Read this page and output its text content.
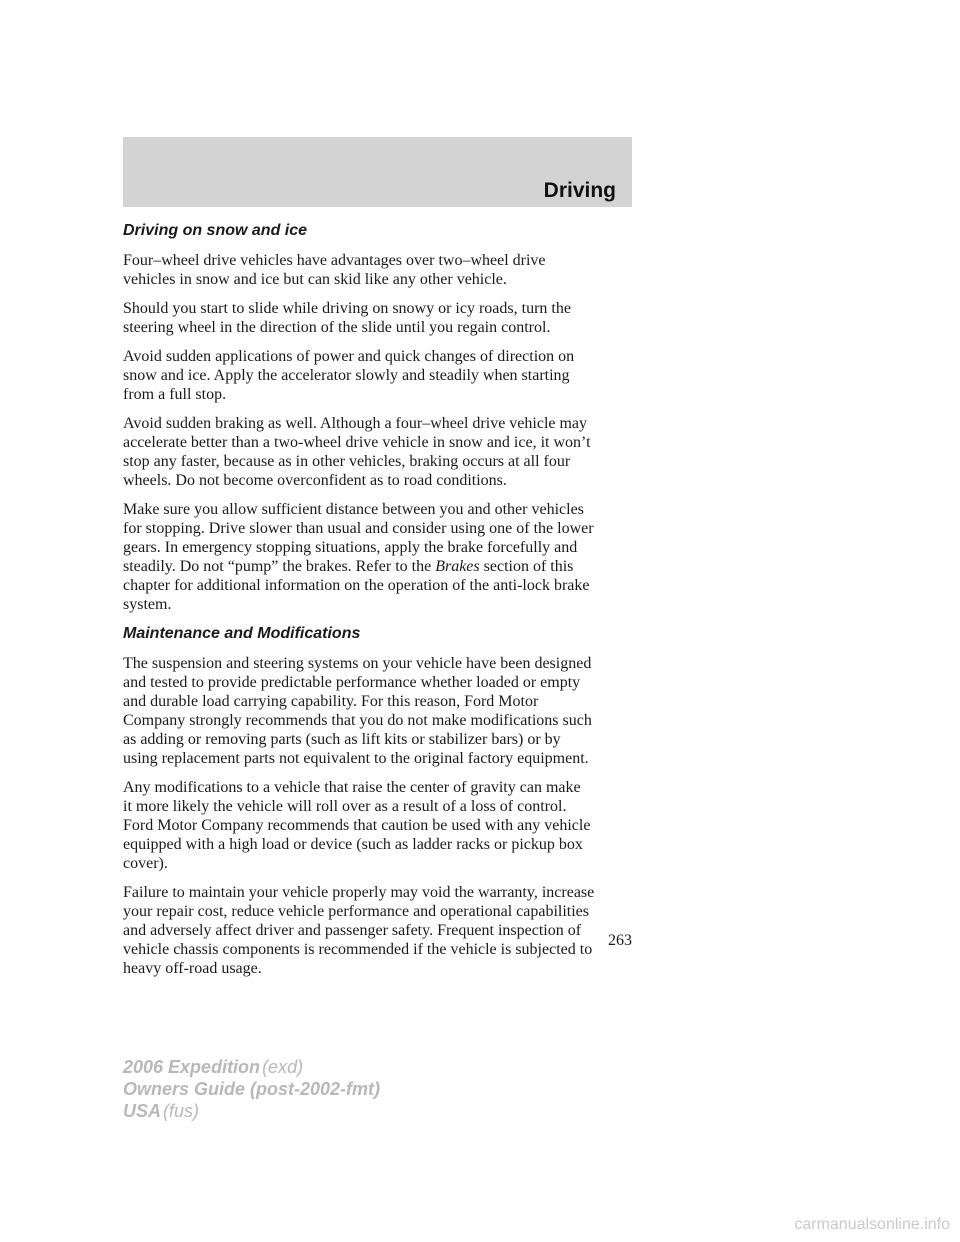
Driving
Driving on snow and ice

Four–wheel drive vehicles have advantages over two–wheel drive
vehicles in snow and ice but can skid like any other vehicle.

Should you start to slide while driving on snowy or icy roads, turn the
steering wheel in the direction of the slide until you regain control.

Avoid sudden applications of power and quick changes of direction on
snow and ice. Apply the accelerator slowly and steadily when starting
from a full stop.

Avoid sudden braking as well. Although a four–wheel drive vehicle may
accelerate better than a two-wheel drive vehicle in snow and ice, it won’t
stop any faster, because as in other vehicles, braking occurs at all four
wheels. Do not become overconfident as to road conditions.

Make sure you allow sufficient distance between you and other vehicles
for stopping. Drive slower than usual and consider using one of the lower
gears. In emergency stopping situations, apply the brake forcefully and
steadily. Do not “pump” the brakes. Refer to the Brakes section of this
chapter for additional information on the operation of the anti-lock brake
system.

Maintenance and Modifications

The suspension and steering systems on your vehicle have been designed
and tested to provide predictable performance whether loaded or empty
and durable load carrying capability. For this reason, Ford Motor
Company strongly recommends that you do not make modifications such
as adding or removing parts (such as lift kits or stabilizer bars) or by
using replacement parts not equivalent to the original factory equipment.

Any modifications to a vehicle that raise the center of gravity can make
it more likely the vehicle will roll over as a result of a loss of control.
Ford Motor Company recommends that caution be used with any vehicle
equipped with a high load or device (such as ladder racks or pickup box
cover).

Failure to maintain your vehicle properly may void the warranty, increase
your repair cost, reduce vehicle performance and operational capabilities
and adversely affect driver and passenger safety. Frequent inspection of
vehicle chassis components is recommended if the vehicle is subjected to
heavy off-road usage.

263
2006 Expedition (exd)
Owners Guide (post-2002-fmt)
USA (fus)
carmanualsonline.info
